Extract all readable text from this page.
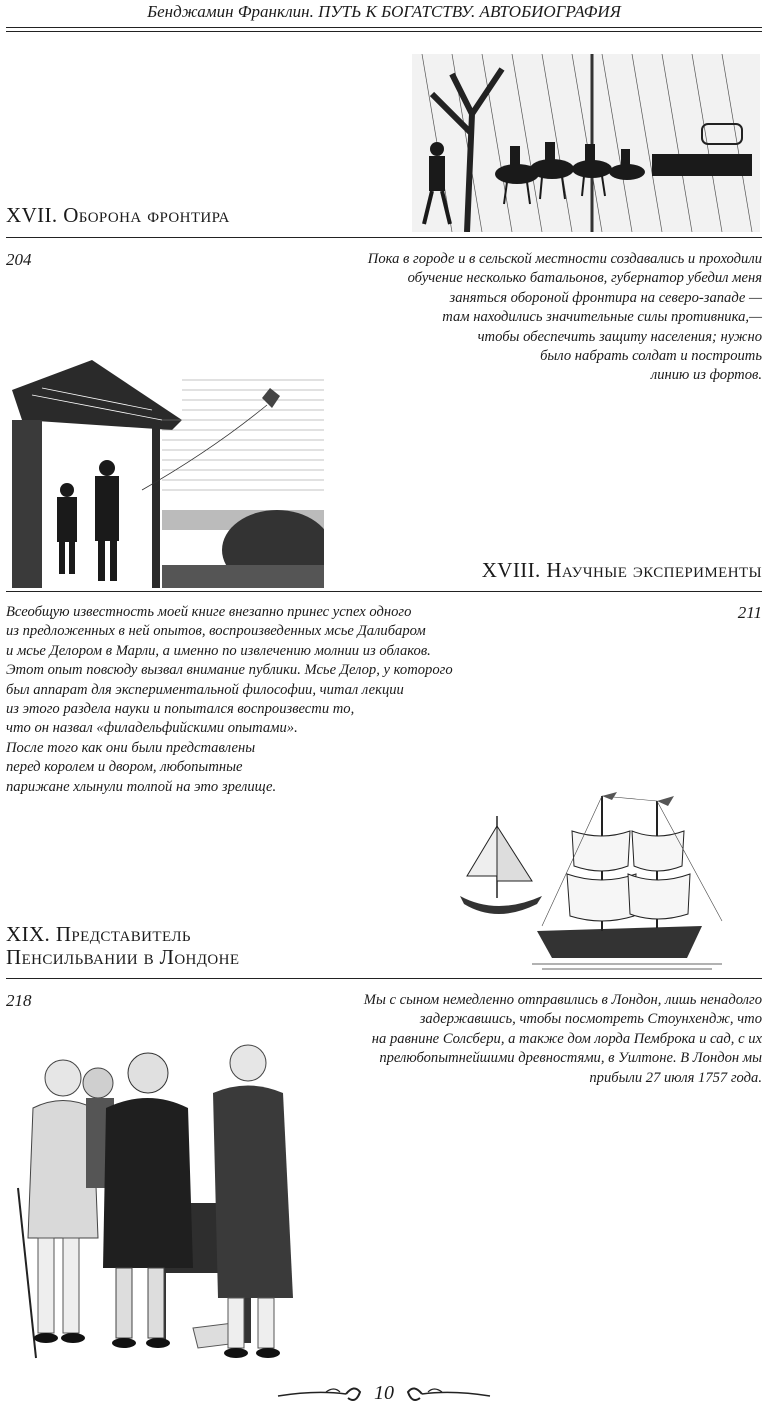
Бенджамин Франклин. ПУТЬ К БОГАТСТВУ. АВТОБИОГРАФИЯ
XVII. Оборона фронтира
204	Пока в городе и в сельской местности создавались и проходили
обучение несколько батальонов, губернатор убедил меня
заняться обороной фронтира на северо-западе —
там находились значительные силы противника,—
чтобы обеспечить защиту населения; нужно
было набрать солдат и построить
линию из фортов.
XVIII. Научные эксперименты
211
Всеобщую известность моей книге внезапно принес успех одного
из предложенных в ней опытов, воспроизведенных мсье Далибаром
и мсье Делором в Марли, а именно по извлечению молнии из облаков.
Этот опыт повсюду вызвал внимание публики. Мсье Делор, у которого
был аппарат для экспериментальной философии, читал лекции
из этого раздела науки и попытался воспроизвести то,
что он назвал «филадельфийскими опытами».
После того как они были представлены
перед королем и двором, любопытные
парижане хлынули толпой на это зрелище.
XIX. Представитель
Пенсильвании в Лондоне
218	Мы с сыном немедленно отправились в Лондон, лишь ненадолго
задержавшись, чтобы посмотреть Стоунхендж, что
на равнине Солсбери, а также дом лорда Пемброка и сад, с их
прелюбопытнейшими древностями, в Уилтоне. В Лондон мы
прибыли 27 июля 1757 года.
10
